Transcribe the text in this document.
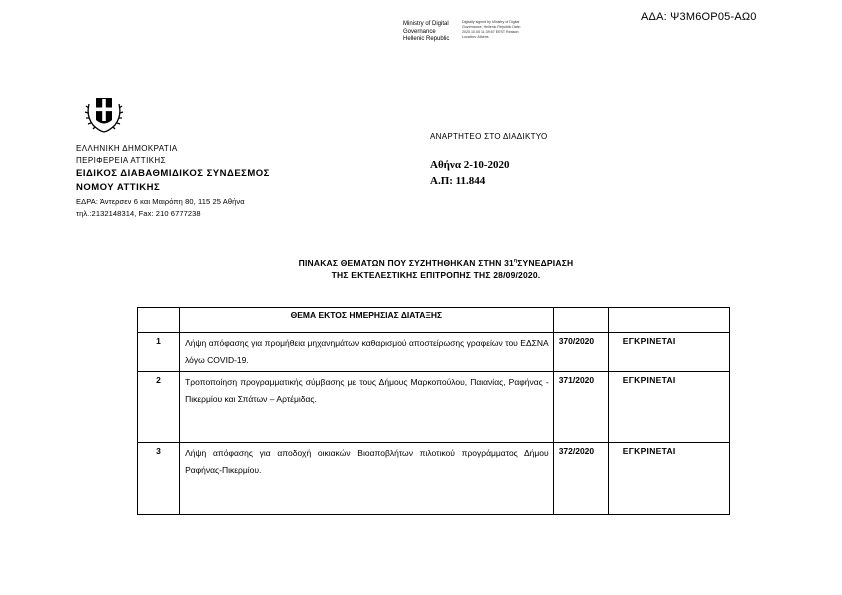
ΑΔΑ: Ψ3Μ6ΟΡ05-ΑΩ0
Ministry of Digital
Governance
Hellenic Republic
Digitally signed by Ministry of Digital Governance, Hellenic Republic Date: 2020.10.05 11:39:57 EEST Reason: Location: Athens
ΕΛΛΗΝΙΚΗ ΔΗΜΟΚΡΑΤΙΑ
ΠΕΡΙΦΕΡΕΙΑ ΑΤΤΙΚΗΣ
ΕΙΔΙΚΟΣ ΔΙΑΒΑΘΜΙΔΙΚΟΣ ΣΥΝΔΕΣΜΟΣ
ΝΟΜΟΥ ΑΤΤΙΚΗΣ
ΕΔΡΑ: Άντερσεν 6 και Μαιρόπη 80, 115 25 Αθήνα
τηλ.:2132148314, Fax: 210 6777238
ΑΝΑΡΤΗΤΕΟ ΣΤΟ ΔΙΑΔΙΚΤΥΟ
Αθήνα 2-10-2020
Α.Π: 11.844
ΠΙΝΑΚΑΣ ΘΕΜΑΤΩΝ ΠΟΥ ΣΥΖΗΤΗΘΗΚΑΝ ΣΤΗΝ $31^\eta\Sigma\Upsilon NE\Delta PIA\Sigma H$
ΤΗΣ ΕΚΤΕΛΕΣΤΙΚΗΣ ΕΠΙΤΡΟΠΗΣ ΤΗΣ 28/09/2020.
	ΘΕΜΑ ΕΚΤΟΣ ΗΜΕΡΗΣΙΑΣ ΔΙΑΤΑΞΗΣ		
1	Λήψη απόφασης για προμήθεια μηχανημάτων καθαρισμού αποστείρωσης γραφείων του ΕΔΣΝΑ λόγω COVID-19.	370/2020	ΕΓΚΡΙΝΕΤΑΙ
2	Τροποποίηση προγραμματικής σύμβασης με τους Δήμους Μαρκοπούλου, Παιανίας, Ραφήνας - Πικερμίου και Σπάτων – Αρτέμιδας.	371/2020	ΕΓΚΡΙΝΕΤΑΙ
3	Λήψη απόφασης για αποδοχή οικιακών Βιοαποβλήτων πιλοτικού προγράμματος Δήμου Ραφήνας-Πικερμίου.	372/2020	ΕΓΚΡΙΝΕΤΑΙ
